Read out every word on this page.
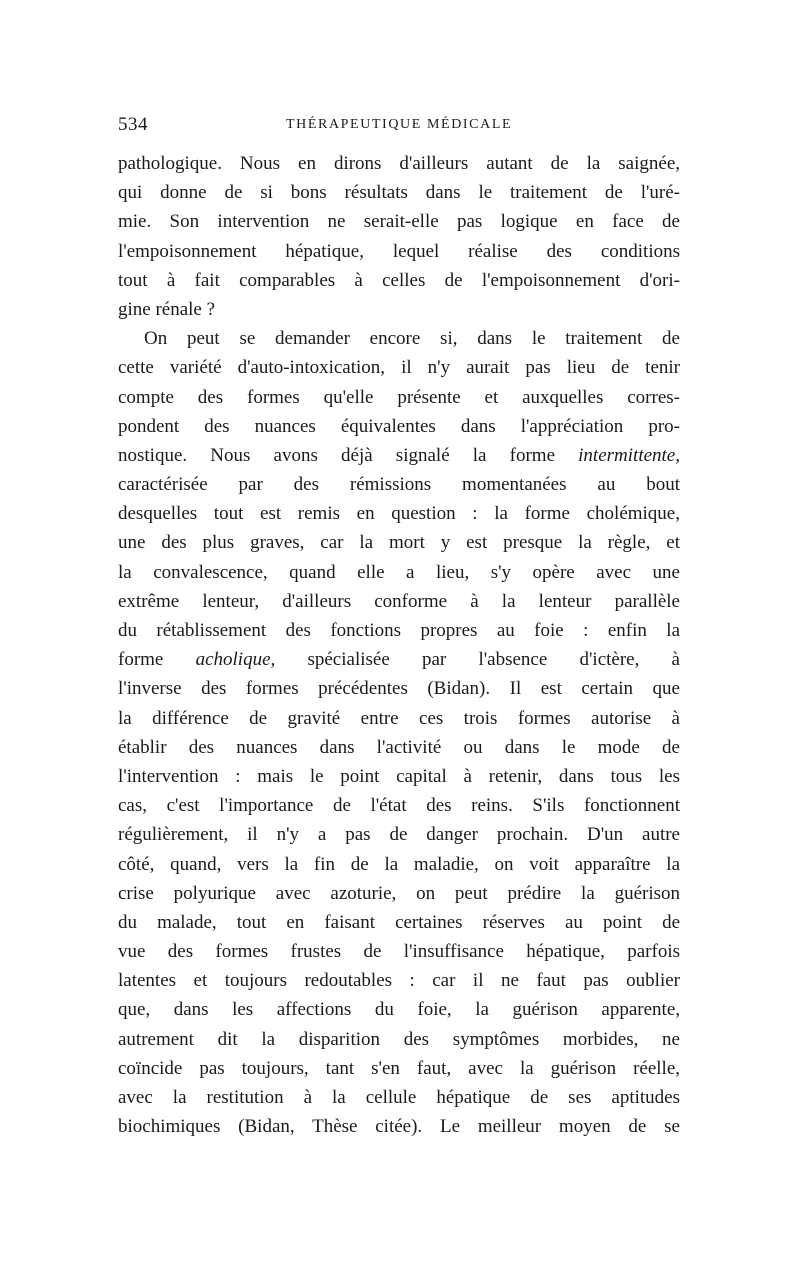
534	THÉRAPEUTIQUE MÉDICALE
pathologique. Nous en dirons d'ailleurs autant de la saignée,
qui donne de si bons résultats dans le traitement de l'uré-
mie. Son intervention ne serait-elle pas logique en face de
l'empoisonnement hépatique, lequel réalise des conditions
tout à fait comparables à celles de l'empoisonnement d'ori-
gine rénale ?
On peut se demander encore si, dans le traitement de
cette variété d'auto-intoxication, il n'y aurait pas lieu de tenir
compte des formes qu'elle présente et auxquelles corres-
pondent des nuances équivalentes dans l'appréciation pro-
nostique. Nous avons déjà signalé la forme intermittente,
caractérisée par des rémissions momentanées au bout
desquelles tout est remis en question : la forme cholémique,
une des plus graves, car la mort y est presque la règle, et
la convalescence, quand elle a lieu, s'y opère avec une
extrême lenteur, d'ailleurs conforme à la lenteur parallèle
du rétablissement des fonctions propres au foie : enfin la
forme acholique, spécialisée par l'absence d'ictère, à
l'inverse des formes précédentes (Bidan). Il est certain que
la différence de gravité entre ces trois formes autorise à
établir des nuances dans l'activité ou dans le mode de
l'intervention : mais le point capital à retenir, dans tous les
cas, c'est l'importance de l'état des reins. S'ils fonctionnent
régulièrement, il n'y a pas de danger prochain. D'un autre
côté, quand, vers la fin de la maladie, on voit apparaître la
crise polyurique avec azoturie, on peut prédire la guérison
du malade, tout en faisant certaines réserves au point de
vue des formes frustes de l'insuffisance hépatique, parfois
latentes et toujours redoutables : car il ne faut pas oublier
que, dans les affections du foie, la guérison apparente,
autrement dit la disparition des symptômes morbides, ne
coïncide pas toujours, tant s'en faut, avec la guérison réelle,
avec la restitution à la cellule hépatique de ses aptitudes
biochimiques (Bidan, Thèse citée). Le meilleur moyen de se
